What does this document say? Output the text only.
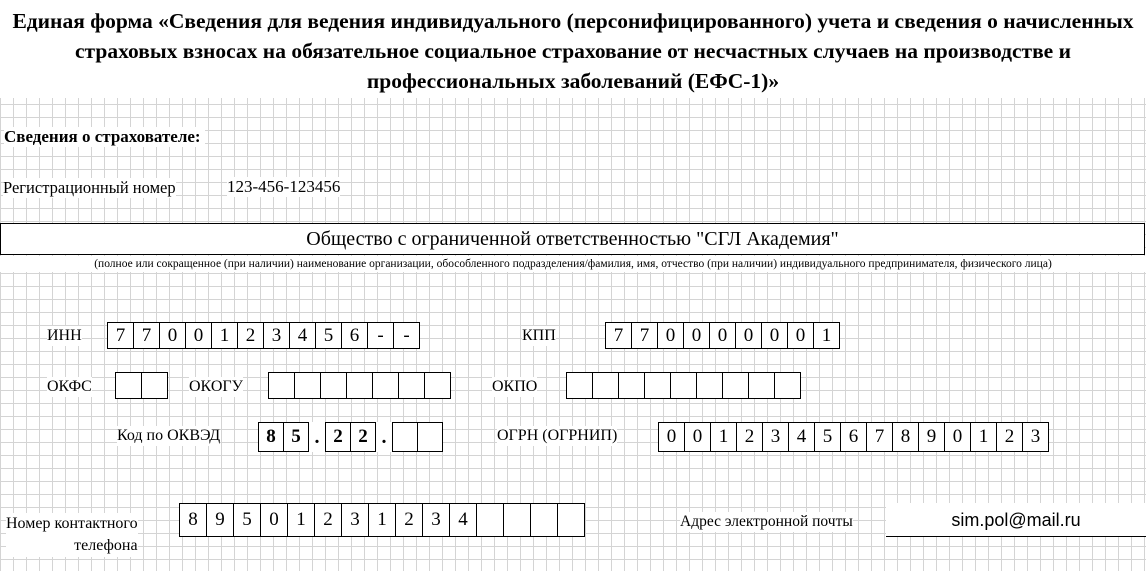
Единая форма «Сведения для ведения индивидуального (персонифицированного) учета и сведения о начисленных страховых взносах на обязательное социальное страхование от несчастных случаев на производстве и профессиональных заболеваний (ЕФС-1)»
Сведения о страхователе:
Регистрационный номер	123-456-123456
Общество с ограниченной ответственностью "СГЛ Академия"
(полное или сокращенное (при наличии) наименование организации, обособленного подразделения/фамилия, имя, отчество (при наличии) индивидуального предпринимателя, физического лица)
ИНН	7 7 0 0 1 2 3 4 5 6 -	-	КПП	7 7 0 0 0 0 0 0 1
ОКФС	ОКОГУ	ОКПО
Код по ОКВЭД	8 5 . 2 2 .	ОГРН (ОГРНИП)	0 0 1 2 3 4 5 6 7 8 9 0 1 2 3
Номер контактного
телефона
8 9 5 0 1 2 3 1 2 3 4	Адрес электронной почты	sim.pol@mail.ru
